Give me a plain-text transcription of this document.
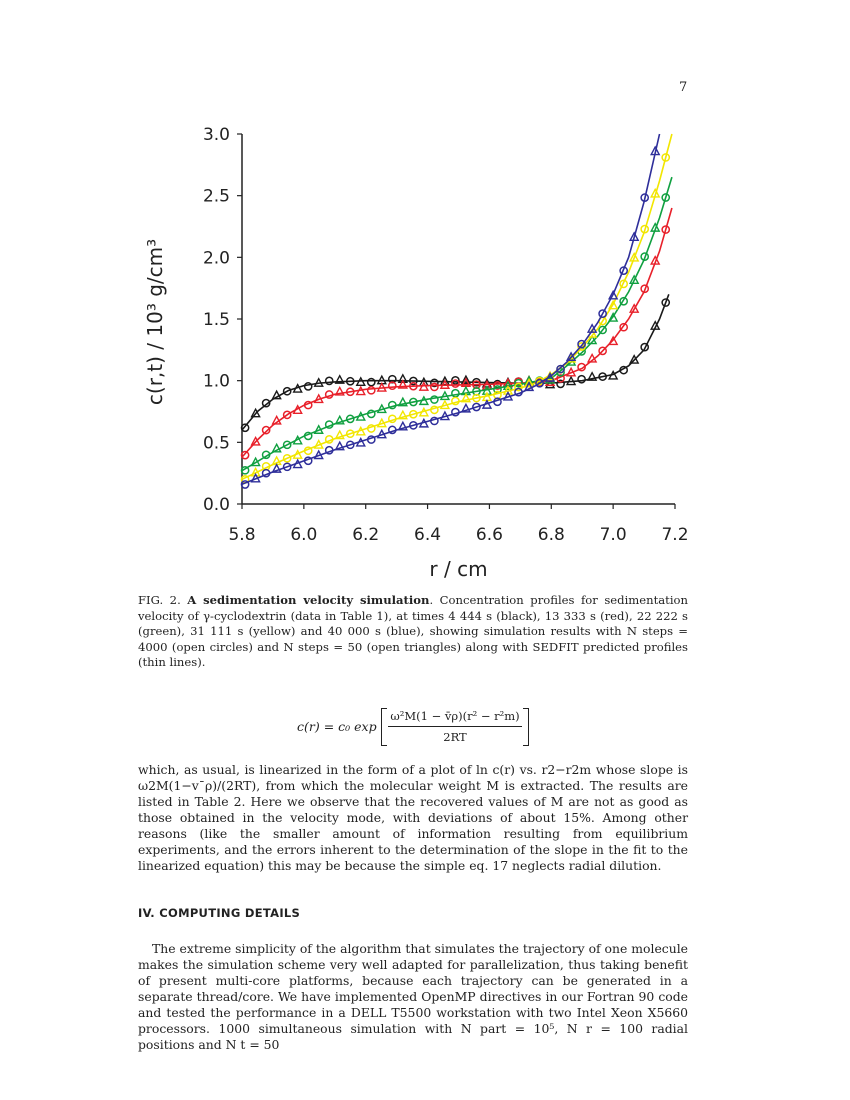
7
5.8 6.0 6.2 6.4 6.6 6.8 7.0 7.2
0.0
0.5
1.0
1.5
2.0
2.5
3.0
r / cm
c(r,t) / 10³ g/cm³
FIG. 2. A sedimentation velocity simulation. Concentration profiles for sedimentation velocity of γ-cyclodextrin (data in Table 1), at times 4 444 s (black), 13 333 s (red), 22 222 s (green), 31 111 s (yellow) and 40 000 s (blue), showing simulation results with N steps = 4000 (open circles) and N steps = 50 (open triangles) along with SEDFIT predicted profiles (thin lines).
c(r) = c₀ exp
ω²M(1 − v̄ρ)(r² − r²m)
2RT
which, as usual, is linearized in the form of a plot of ln c(r) vs. r2−r2m whose slope is ω2M(1−v¯ρ)/(2RT), from which the molecular weight M is extracted. The results are listed in Table 2. Here we observe that the recovered values of M are not as good as those obtained in the velocity mode, with deviations of about 15%. Among other reasons (like the smaller amount of information resulting from equilibrium experiments, and the errors inherent to the determination of the slope in the fit to the linearized equation) this may be because the simple eq. 17 neglects radial dilution.
IV. COMPUTING DETAILS
The extreme simplicity of the algorithm that simulates the trajectory of one molecule makes the simulation scheme very well adapted for parallelization, thus taking benefit of present multi-core platforms, because each trajectory can be generated in a separate thread/core. We have implemented OpenMP directives in our Fortran 90 code and tested the performance in a DELL T5500 workstation with two Intel Xeon X5660 processors. 1000 simultaneous simulation with N part = 10⁵, N r = 100 radial positions and N t = 50
